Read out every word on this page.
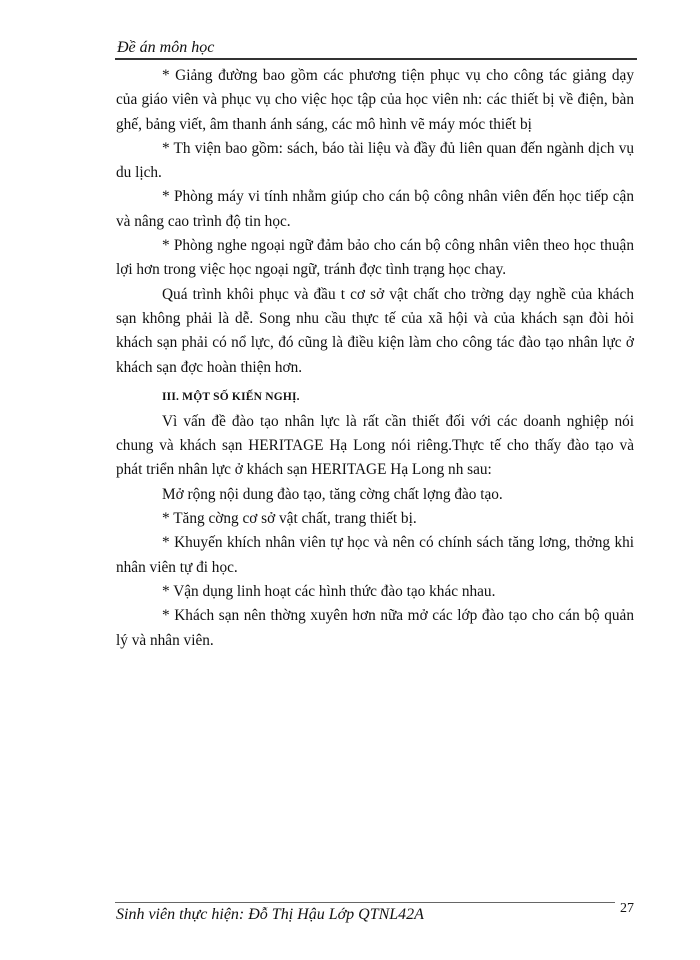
Đề án môn học

* Giảng đường bao gồm các phương tiện phục vụ cho công tác giảng dạy của giáo viên và phục vụ cho việc học tập của học viên nh: các thiết bị về điện, bàn ghế, bảng viết, âm thanh ánh sáng, các mô hình vẽ máy móc thiết bị

* Th viện bao gồm: sách, báo tài liệu và đầy đủ liên quan đến ngành dịch vụ du lịch.

* Phòng máy vi tính nhằm giúp cho cán bộ công nhân viên đến học tiếp cận và nâng cao trình độ tin học.

* Phòng nghe ngoại ngữ đảm bảo cho cán bộ công nhân viên theo học thuận lợi hơn trong việc học ngoại ngữ, tránh đợc tình trạng học chay.

Quá trình khôi phục và đầu t cơ sở vật chất cho trờng dạy nghề của khách sạn không phải là dễ. Song nhu cầu thực tế của xã hội và của khách sạn đòi hỏi khách sạn phải có nổ lực, đó cũng là điều kiện làm cho công tác đào tạo nhân lực ở khách sạn đợc hoàn thiện hơn.

III. MỘT SỐ KIẾN NGHỊ.

Vì vấn đề đào tạo nhân lực là rất cần thiết đối với các doanh nghiệp nói chung và khách sạn HERITAGE Hạ Long nói riêng.Thực tế cho thấy đào tạo và phát triển nhân lực ở khách sạn HERITAGE Hạ Long nh sau:

Mở rộng nội dung đào tạo, tăng cờng chất lợng đào tạo.

* Tăng cờng cơ sở vật chất, trang thiết bị.

* Khuyến khích nhân viên tự học và nên có chính sách tăng lơng, thởng khi nhân viên tự đi học.

* Vận dụng linh hoạt các hình thức đào tạo khác nhau.

* Khách sạn nên thờng xuyên hơn nữa mở các lớp đào tạo cho cán bộ quản lý và nhân viên.

Sinh viên thực hiện: Đỗ Thị Hậu Lớp QTNL42A	27
